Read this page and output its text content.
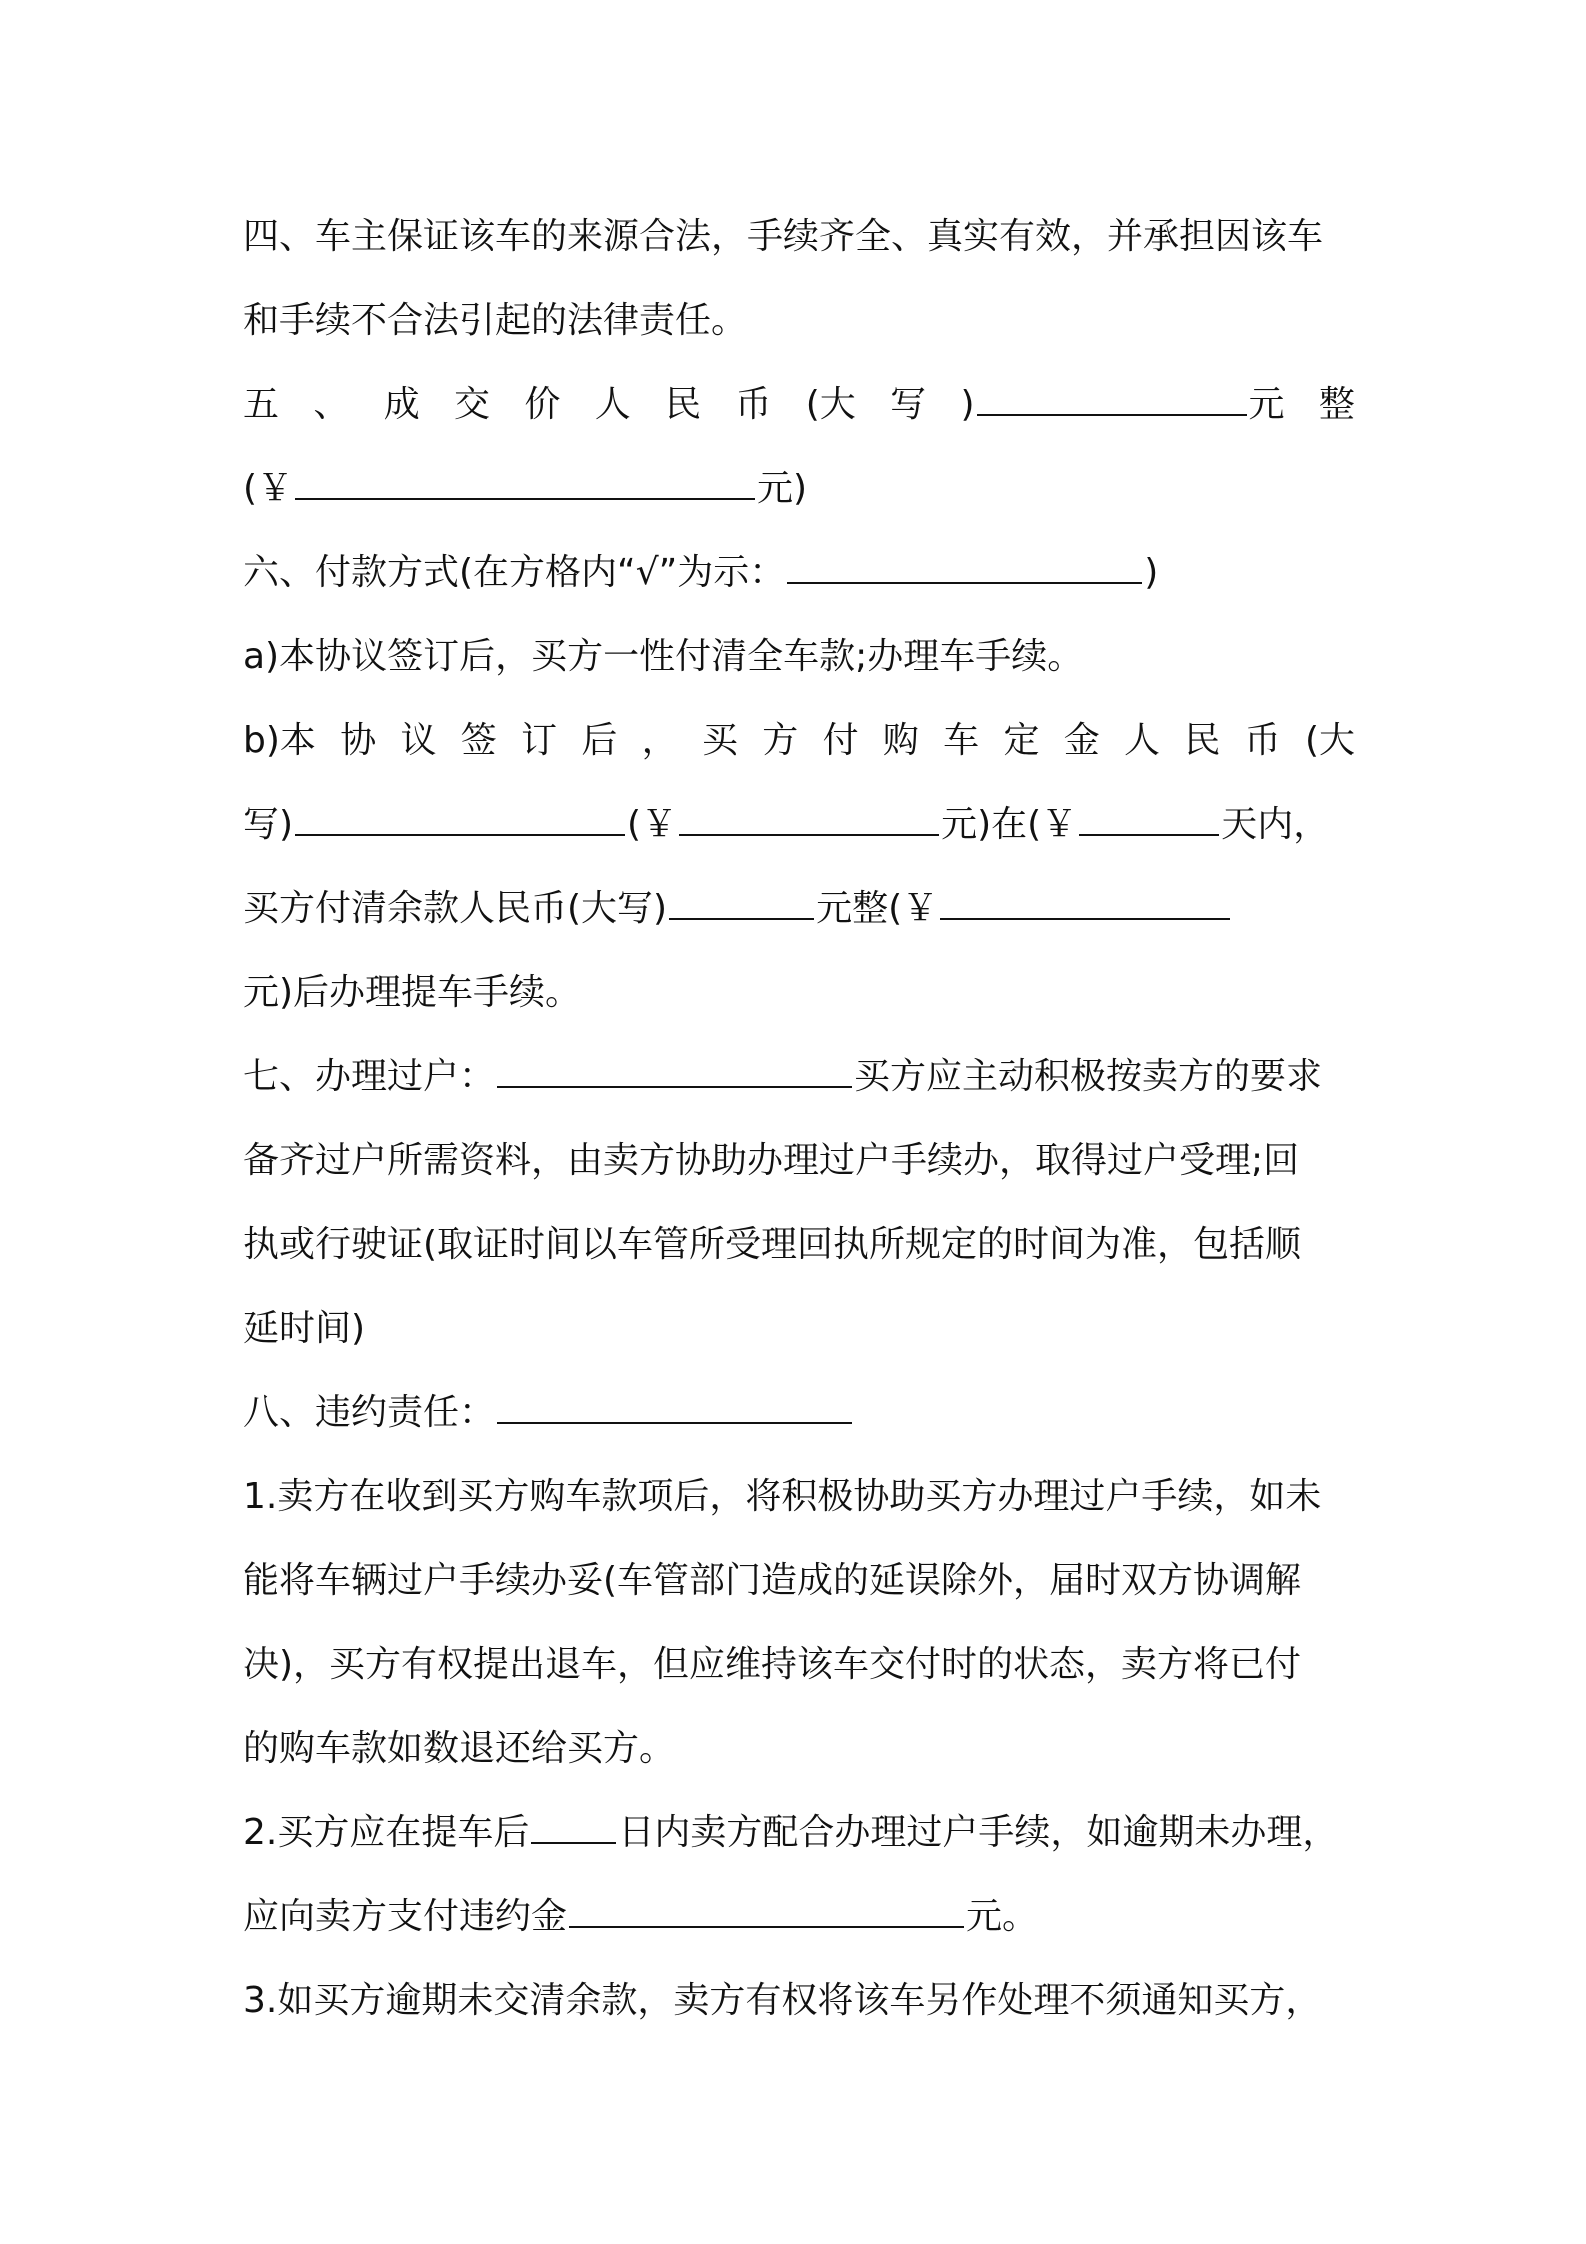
四、车主保证该车的来源合法，手续齐全、真实有效，并承担因该车
和手续不合法引起的法律责任。
五 、 成 交 价 人 民 币 (大 写 )	元 整
(￥	元)
六、付款方式(在方格内“√”为示：	)
a)本协议签订后，买方一性付清全车款;办理车手续。
b)本 协 议 签 订 后 ， 买 方 付 购 车 定 金 人 民 币 (大
写)	(￥	元)在(￥	天内，
买方付清余款人民币(大写)	元整(￥
元)后办理提车手续。
七、办理过户：	买方应主动积极按卖方的要求
备齐过户所需资料，由卖方协助办理过户手续办，取得过户受理;回
执或行驶证(取证时间以车管所受理回执所规定的时间为准，包括顺
延时间)
八、违约责任：
1.卖方在收到买方购车款项后，将积极协助买方办理过户手续，如未
能将车辆过户手续办妥(车管部门造成的延误除外，届时双方协调解
决)，买方有权提出退车，但应维持该车交付时的状态，卖方将已付
的购车款如数退还给买方。
2.买方应在提车后 日内卖方配合办理过户手续，如逾期未办理，
应向卖方支付违约金	元。
3.如买方逾期未交清余款，卖方有权将该车另作处理不须通知买方，
